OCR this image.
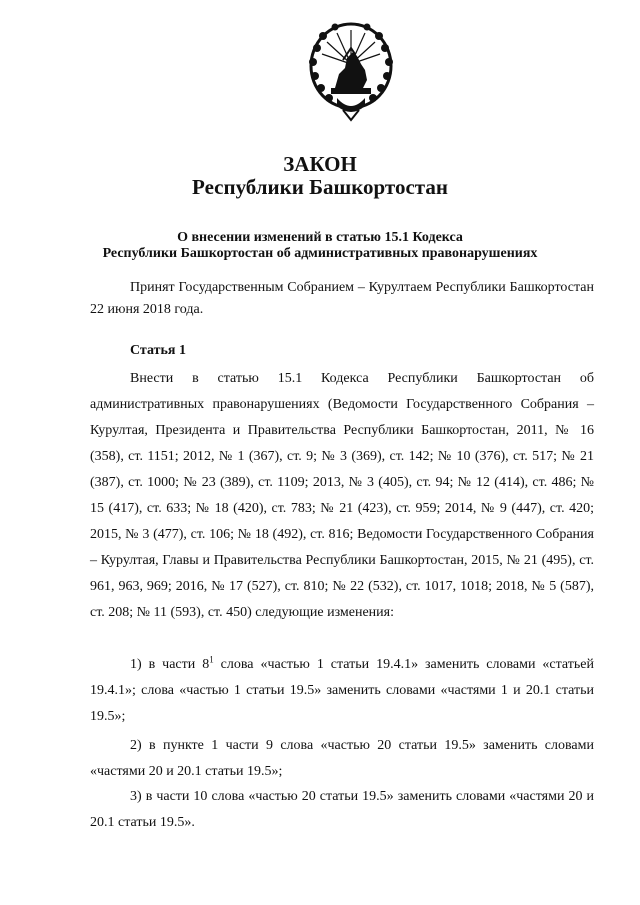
ЗАКОН
Республики Башкортостан
О внесении изменений в статью 15.1 Кодекса
Республики Башкортостан об административных правонарушениях
Принят Государственным Собранием – Курултаем Республики Башкортостан 22 июня 2018 года.
Статья 1
Внести в статью 15.1 Кодекса Республики Башкортостан об административных правонарушениях (Ведомости Государственного Собрания – Курултая, Президента и Правительства Республики Башкортостан, 2011, № 16 (358), ст. 1151; 2012, № 1 (367), ст. 9; № 3 (369), ст. 142; № 10 (376), ст. 517; № 21 (387), ст. 1000; № 23 (389), ст. 1109; 2013, № 3 (405), ст. 94; № 12 (414), ст. 486; № 15 (417), ст. 633; № 18 (420), ст. 783; № 21 (423), ст. 959; 2014, № 9 (447), ст. 420; 2015, № 3 (477), ст. 106; № 18 (492), ст. 816; Ведомости Государственного Собрания – Курултая, Главы и Правительства Республики Башкортостан, 2015, № 21 (495), ст. 961, 963, 969; 2016, № 17 (527), ст. 810; № 22 (532), ст. 1017, 1018; 2018, № 5 (587), ст. 208; № 11 (593), ст. 450) следующие изменения:
1) в части $8^1$ слова «частью 1 статьи 19.4.1» заменить словами «статьей 19.4.1»; слова «частью 1 статьи 19.5» заменить словами «частями 1 и 20.1 статьи 19.5»;
2) в пункте 1 части 9 слова «частью 20 статьи 19.5» заменить словами «частями 20 и 20.1 статьи 19.5»;
3) в части 10 слова «частью 20 статьи 19.5» заменить словами «частями 20 и 20.1 статьи 19.5».
